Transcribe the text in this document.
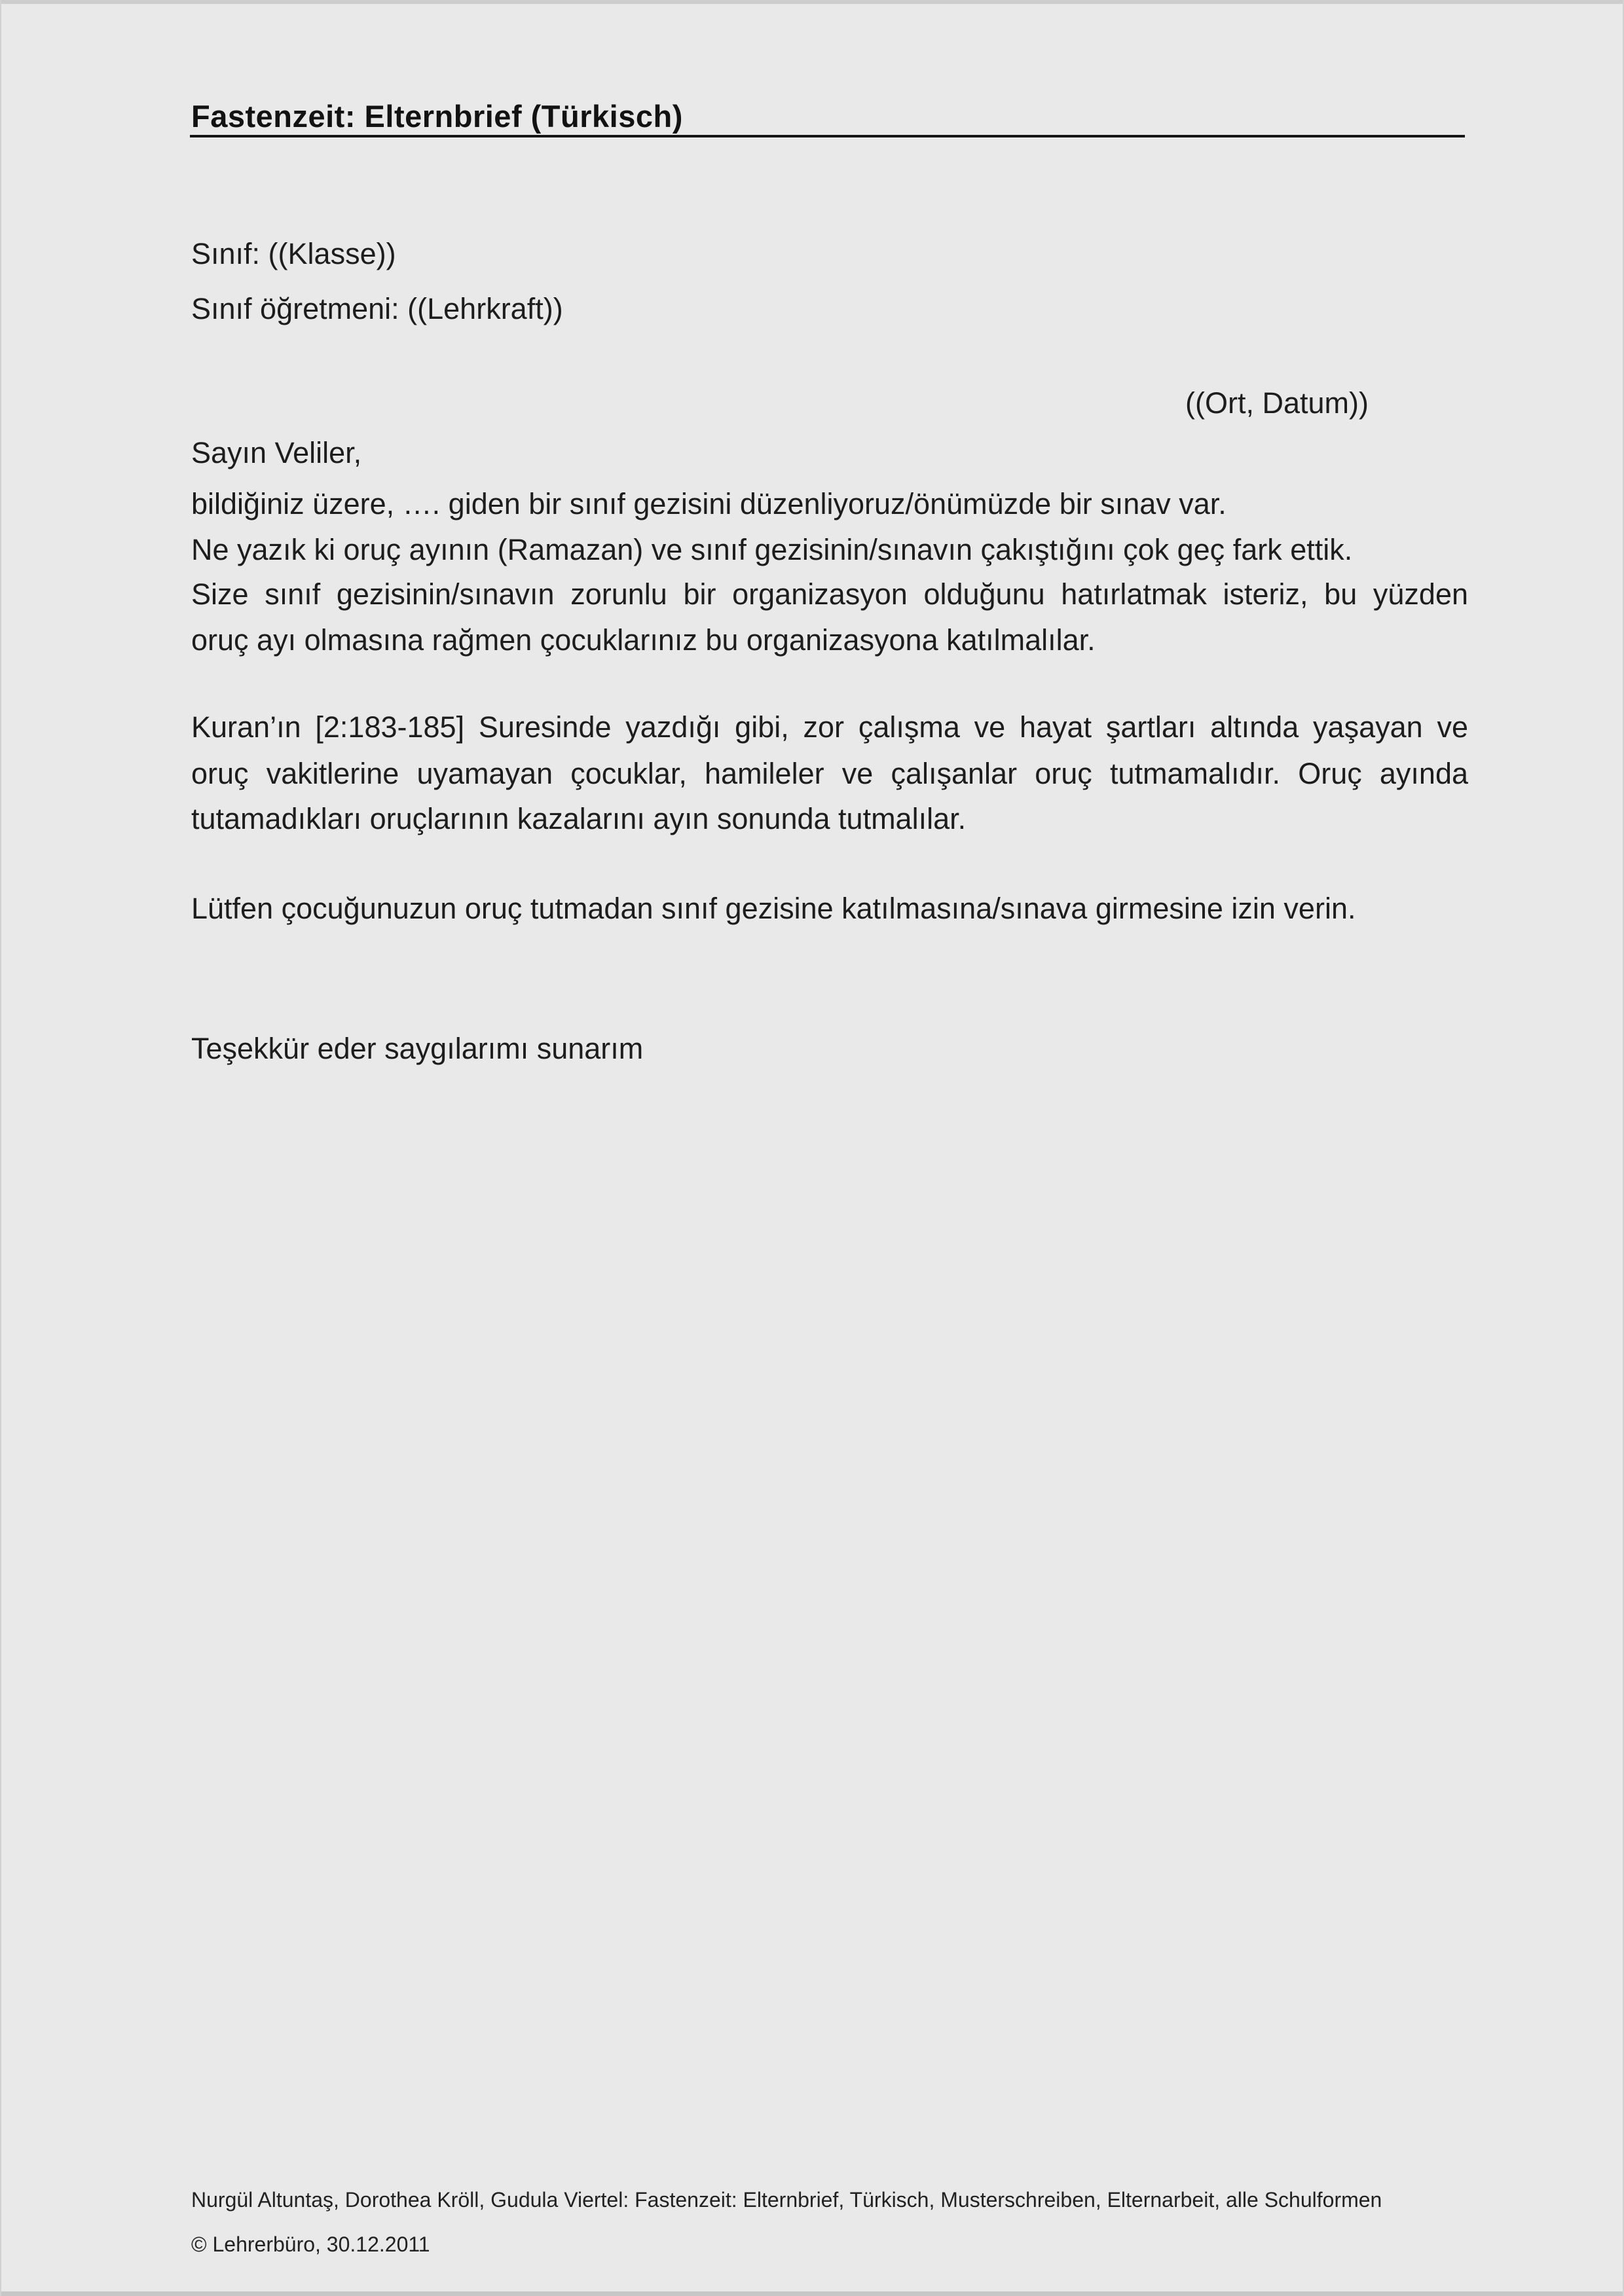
Fastenzeit: Elternbrief (Türkisch)
Sınıf: ((Klasse))
Sınıf öğretmeni: ((Lehrkraft))
((Ort, Datum))
Sayın Veliler,
bildiğiniz üzere, …. giden bir sınıf gezisini düzenliyoruz/önümüzde bir sınav var.
Ne yazık ki oruç ayının (Ramazan) ve sınıf gezisinin/sınavın çakıştığını çok geç fark ettik.
Size sınıf gezisinin/sınavın zorunlu bir organizasyon olduğunu hatırlatmak isteriz, bu yüzden
oruç ayı olmasına rağmen çocuklarınız bu organizasyona katılmalılar.
Kuran’ın [2:183-185] Suresinde yazdığı gibi, zor çalışma ve hayat şartları altında yaşayan ve
oruç vakitlerine uyamayan çocuklar, hamileler ve çalışanlar oruç tutmamalıdır. Oruç ayında
tutamadıkları oruçlarının kazalarını ayın sonunda tutmalılar.
Lütfen çocuğunuzun oruç tutmadan sınıf gezisine katılmasına/sınava girmesine izin verin.
Teşekkür eder saygılarımı sunarım
Nurgül Altuntaş, Dorothea Kröll, Gudula Viertel: Fastenzeit: Elternbrief, Türkisch, Musterschreiben, Elternarbeit, alle Schulformen
© Lehrerbüro, 30.12.2011
